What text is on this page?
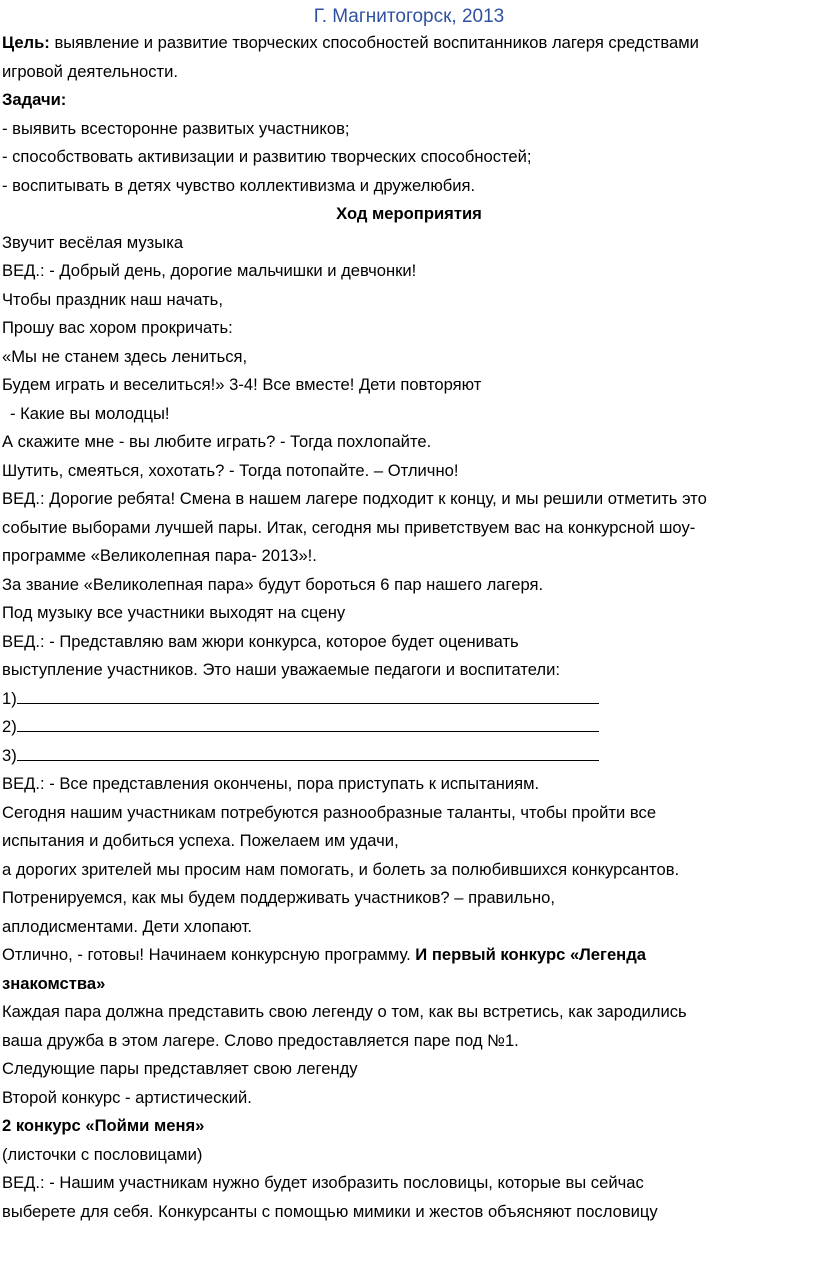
Г. Магнитогорск, 2013
Цель: выявление и развитие творческих способностей воспитанников лагеря средствами
игровой деятельности.
Задачи:
- выявить всесторонне развитых участников;
- способствовать активизации и развитию творческих способностей;
- воспитывать в детях чувство коллективизма и дружелюбия.
Ход мероприятия
Звучит весёлая музыка
ВЕД.: - Добрый день, дорогие мальчишки и девчонки!
Чтобы праздник наш начать,
Прошу вас хором прокричать:
«Мы не станем здесь лениться,
Будем играть и веселиться!» 3-4! Все вместе! Дети повторяют
- Какие вы молодцы!
А скажите мне - вы любите играть? - Тогда похлопайте.
Шутить, смеяться, хохотать? - Тогда потопайте. – Отлично!
ВЕД.: Дорогие ребята! Смена в нашем лагере подходит к концу, и мы решили отметить это
событие выборами лучшей пары. Итак, сегодня мы приветствуем вас на конкурсной шоу-
программе «Великолепная пара- 2013»!.
За звание «Великолепная пара» будут бороться 6 пар нашего лагеря.
Под музыку все участники выходят на сцену
ВЕД.: - Представляю вам жюри конкурса, которое будет оценивать
выступление участников. Это наши уважаемые педагоги и воспитатели:
1)
2)
3)
ВЕД.: - Все представления окончены, пора приступать к испытаниям.
Сегодня нашим участникам потребуются разнообразные таланты, чтобы пройти все
испытания и добиться успеха. Пожелаем им удачи,
а дорогих зрителей мы просим нам помогать, и болеть за полюбившихся конкурсантов.
Потренируемся, как мы будем поддерживать участников? – правильно,
аплодисментами. Дети хлопают.
Отлично, - готовы! Начинаем конкурсную программу. И первый конкурс «Легенда
знакомства»
Каждая пара должна представить свою легенду о том, как вы встретись, как зародились
ваша дружба в этом лагере. Слово предоставляется паре под №1.
Следующие пары представляет свою легенду
Второй конкурс - артистический.
2 конкурс «Пойми меня»
(листочки с пословицами)
ВЕД.: - Нашим участникам нужно будет изобразить пословицы, которые вы сейчас
выберете для себя. Конкурсанты с помощью мимики и жестов объясняют пословицу
